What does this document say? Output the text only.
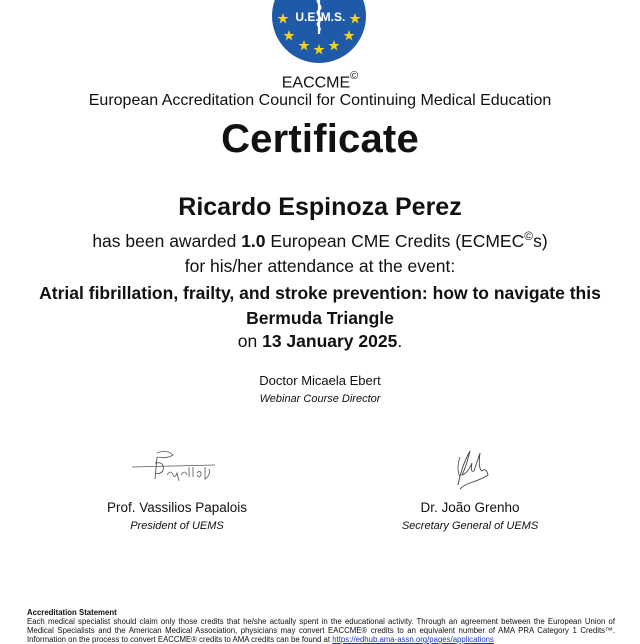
U.E. M.S.
EACCME©
European Accreditation Council for Continuing Medical Education
Certificate
Ricardo Espinoza Perez
has been awarded 1.0 European CME Credits (ECMEC©s)
for his/her attendance at the event:
Atrial fibrillation, frailty, and stroke prevention: how to navigate this
Bermuda Triangle
on 13 January 2025.
Doctor Micaela Ebert
Webinar Course Director
Prof. Vassilios Papalois
President of UEMS
Dr. João Grenho
Secretary General of UEMS
Accreditation Statement
Each medical specialist should claim only those credits that he/she actually spent in the educational activity. Through an agreement between the European Union of Medical Specialists and the American Medical Association, physicians may convert EACCME® credits to an equivalent number of AMA PRA Category 1 Credits™. Information on the process to convert EACCME® credits to AMA credits can be found at https://edhub.ama-assn.org/pages/applications
